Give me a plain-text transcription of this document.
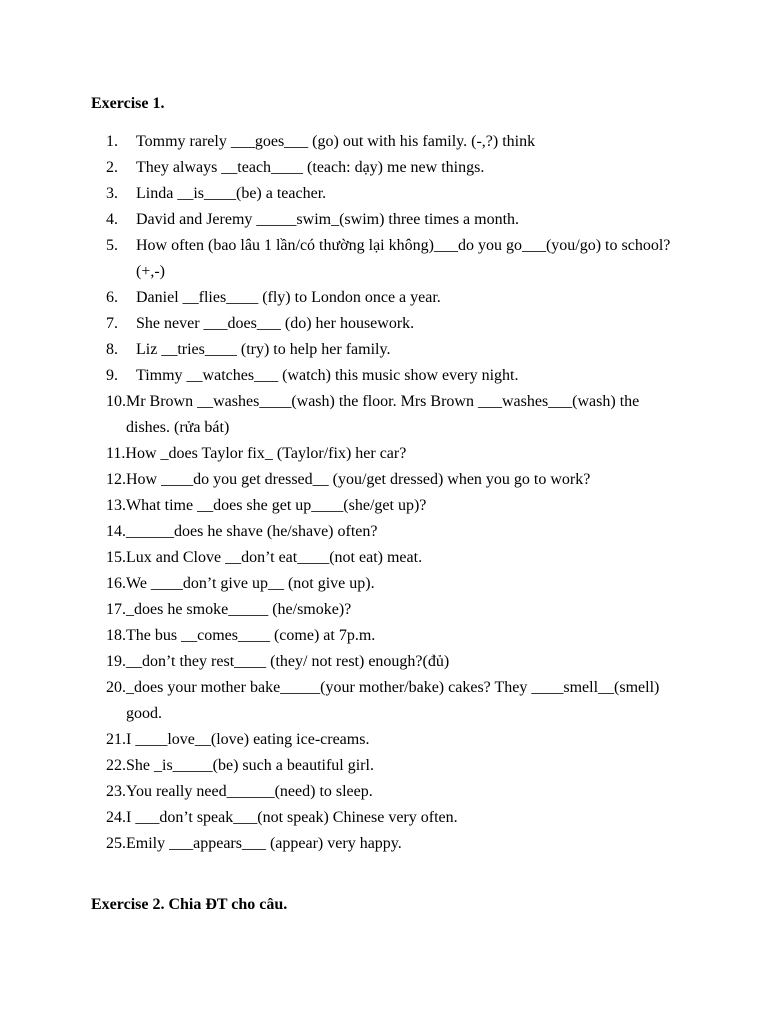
Exercise 1.
1. Tommy rarely ___goes___ (go) out with his family. (-,?) think
2. They always __teach____ (teach: dạy) me new things.
3. Linda __is____(be) a teacher.
4. David and Jeremy _____swim_(swim) three times a month.
5. How often (bao lâu 1 lần/có thường lại không)___do you go___(you/go) to school? (+,-)
6. Daniel __flies____ (fly) to London once a year.
7. She never ___does___ (do) her housework.
8. Liz __tries____ (try) to help her family.
9. Timmy __watches___ (watch) this music show every night.
10. Mr Brown __washes____(wash) the floor. Mrs Brown ___washes___(wash) the dishes. (rửa bát)
11. How _does Taylor fix_ (Taylor/fix) her car?
12. How ____do you get dressed__ (you/get dressed) when you go to work?
13. What time __does she get up____(she/get up)?
14. ______does he shave (he/shave) often?
15. Lux and Clove __don’t eat____(not eat) meat.
16. We ____don’t give up__ (not give up).
17. _does he smoke_____ (he/smoke)?
18. The bus __comes____ (come) at 7p.m.
19. __don’t they rest____ (they/ not rest) enough?(đủ)
20. _does your mother bake_____(your mother/bake) cakes? They ____smell__(smell) good.
21. I ____love__(love) eating ice-creams.
22. She _is_____(be) such a beautiful girl.
23. You really need______(need) to sleep.
24. I ___don’t speak___(not speak) Chinese very often.
25. Emily ___appears___ (appear) very happy.
Exercise 2. Chia ĐT cho câu.
